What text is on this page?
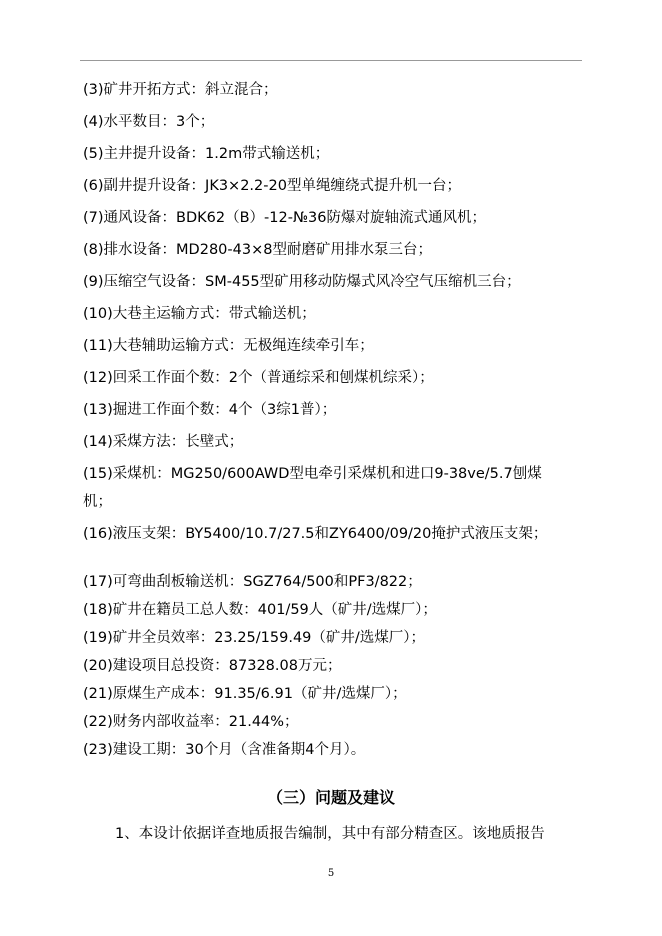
(3)矿井开拓方式：斜立混合；
(4)水平数目：3个；
(5)主井提升设备：1.2m带式输送机；
(6)副井提升设备：JK3×2.2-20型单绳缠绕式提升机一台；
(7)通风设备：BDK62（B）-12-№36防爆对旋轴流式通风机；
(8)排水设备：MD280-43×8型耐磨矿用排水泵三台；
(9)压缩空气设备：SM-455型矿用移动防爆式风冷空气压缩机三台；
(10)大巷主运输方式：带式输送机；
(11)大巷辅助运输方式：无极绳连续牵引车；
(12)回采工作面个数：2个（普通综采和刨煤机综采）；
(13)掘进工作面个数：4个（3综1普）；
(14)采煤方法：长壁式；
(15)采煤机：MG250/600AWD型电牵引采煤机和进口9-38ve/5.7刨煤
机；
(16)液压支架：BY5400/10.7/27.5和ZY6400/09/20掩护式液压支架；
(17)可弯曲刮板输送机：SGZ764/500和PF3/822；
(18)矿井在籍员工总人数：401/59人（矿井/选煤厂）；
(19)矿井全员效率：23.25/159.49（矿井/选煤厂）；
(20)建设项目总投资：87328.08万元；
(21)原煤生产成本：91.35/6.91（矿井/选煤厂）；
(22)财务内部收益率：21.44%；
(23)建设工期：30个月（含准备期4个月）。
（三）问题及建议
1、本设计依据详查地质报告编制，其中有部分精查区。该地质报告
5
